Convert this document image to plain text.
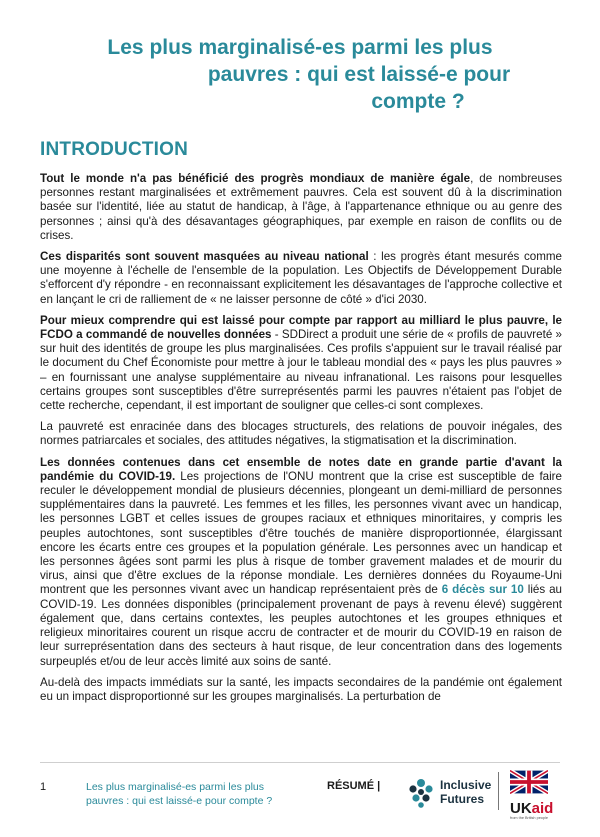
Les plus marginalisé-es parmi les plus
pauvres : qui est laissé-e pour
compte ?
INTRODUCTION

Tout le monde n'a pas bénéficié des progrès mondiaux de manière égale, de nombreuses personnes restant marginalisées et extrêmement pauvres. Cela est souvent dû à la discrimination basée sur l'identité, liée au statut de handicap, à l'âge, à l'appartenance ethnique ou au genre des personnes ; ainsi qu'à des désavantages géographiques, par exemple en raison de conflits ou de crises.

Ces disparités sont souvent masquées au niveau national : les progrès étant mesurés comme une moyenne à l'échelle de l'ensemble de la population. Les Objectifs de Développement Durable s'efforcent d'y répondre - en reconnaissant explicitement les désavantages de l'approche collective et en lançant le cri de ralliement de « ne laisser personne de côté » d'ici 2030.

Pour mieux comprendre qui est laissé pour compte par rapport au milliard le plus pauvre, le FCDO a commandé de nouvelles données - SDDirect a produit une série de « profils de pauvreté » sur huit des identités de groupe les plus marginalisées. Ces profils s'appuient sur le travail réalisé par le document du Chef Économiste pour mettre à jour le tableau mondial des « pays les plus pauvres » – en fournissant une analyse supplémentaire au niveau infranational. Les raisons pour lesquelles certains groupes sont susceptibles d'être surreprésentés parmi les pauvres n'étaient pas l'objet de cette recherche, cependant, il est important de souligner que celles-ci sont complexes.

La pauvreté est enracinée dans des blocages structurels, des relations de pouvoir inégales, des normes patriarcales et sociales, des attitudes négatives, la stigmatisation et la discrimination.

Les données contenues dans cet ensemble de notes date en grande partie d'avant la pandémie du COVID-19. Les projections de l'ONU montrent que la crise est susceptible de faire reculer le développement mondial de plusieurs décennies, plongeant un demi-milliard de personnes supplémentaires dans la pauvreté. Les femmes et les filles, les personnes vivant avec un handicap, les personnes LGBT et celles issues de groupes raciaux et ethniques minoritaires, y compris les peuples autochtones, sont susceptibles d'être touchés de manière disproportionnée, élargissant encore les écarts entre ces groupes et la population générale. Les personnes avec un handicap et les personnes âgées sont parmi les plus à risque de tomber gravement malades et de mourir du virus, ainsi que d'être exclues de la réponse mondiale. Les dernières données du Royaume-Uni montrent que les personnes vivant avec un handicap représentaient près de 6 décès sur 10 liés au COVID-19. Les données disponibles (principalement provenant de pays à revenu élevé) suggèrent également que, dans certains contextes, les peuples autochtones et les groupes ethniques et religieux minoritaires courent un risque accru de contracter et de mourir du COVID-19 en raison de leur surreprésentation dans des secteurs à haut risque, de leur concentration dans des logements surpeuplés et/ou de leur accès limité aux soins de santé.

Au-delà des impacts immédiats sur la santé, les impacts secondaires de la pandémie ont également eu un impact disproportionné sur les groupes marginalisés. La perturbation de

1	Les plus marginalisé-es parmi les plus pauvres : qui est laissé-e pour compte ?
RÉSUMÉ |	Inclusive
Futures
UKaid
from the British people
